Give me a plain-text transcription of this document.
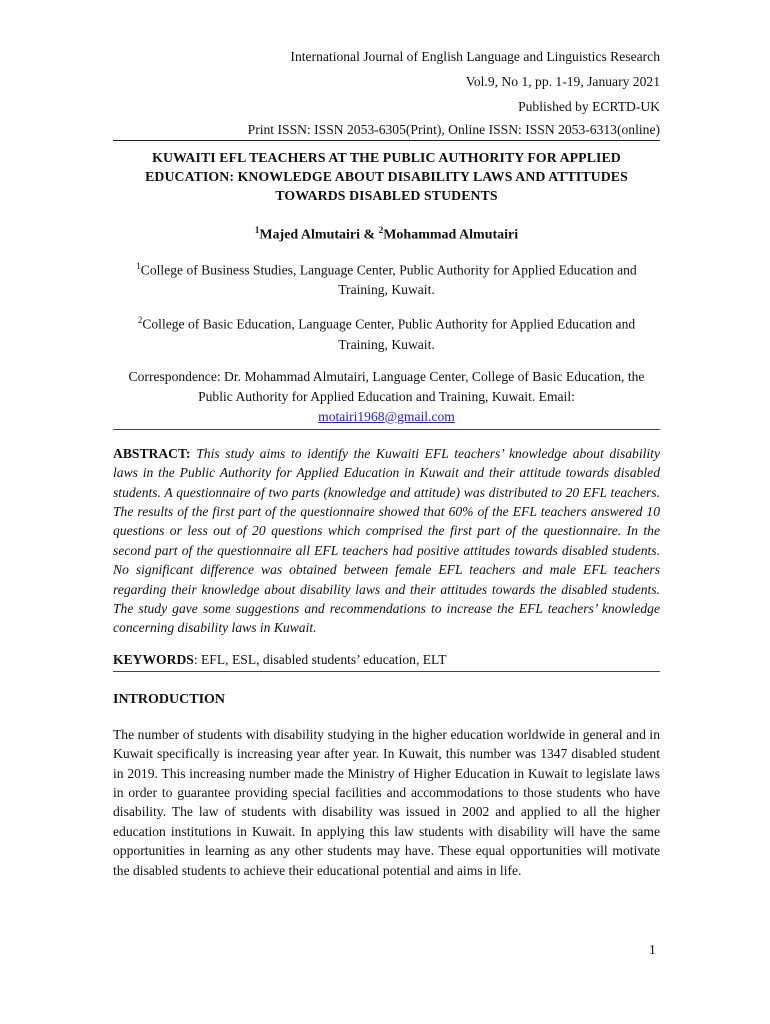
International Journal of English Language and Linguistics Research
Vol.9, No 1, pp. 1-19, January 2021
Published by ECRTD-UK
Print ISSN: ISSN 2053-6305(Print), Online ISSN: ISSN 2053-6313(online)
KUWAITI EFL TEACHERS AT THE PUBLIC AUTHORITY FOR APPLIED EDUCATION: KNOWLEDGE ABOUT DISABILITY LAWS AND ATTITUDES TOWARDS DISABLED STUDENTS
$^1$Majed Almutairi & $^2$Mohammad Almutairi
$^1$College of Business Studies, Language Center, Public Authority for Applied Education and Training, Kuwait.
$^2$College of Basic Education, Language Center, Public Authority for Applied Education and Training, Kuwait.
Correspondence: Dr. Mohammad Almutairi, Language Center, College of Basic Education, the Public Authority for Applied Education and Training, Kuwait. Email:
motairi1968@gmail.com
ABSTRACT: This study aims to identify the Kuwaiti EFL teachers’ knowledge about disability laws in the Public Authority for Applied Education in Kuwait and their attitude towards disabled students. A questionnaire of two parts (knowledge and attitude) was distributed to 20 EFL teachers. The results of the first part of the questionnaire showed that 60% of the EFL teachers answered 10 questions or less out of 20 questions which comprised the first part of the questionnaire. In the second part of the questionnaire all EFL teachers had positive attitudes towards disabled students. No significant difference was obtained between female EFL teachers and male EFL teachers regarding their knowledge about disability laws and their attitudes towards the disabled students. The study gave some suggestions and recommendations to increase the EFL teachers’ knowledge concerning disability laws in Kuwait.
KEYWORDS: EFL, ESL, disabled students’ education, ELT
INTRODUCTION
The number of students with disability studying in the higher education worldwide in general and in Kuwait specifically is increasing year after year. In Kuwait, this number was 1347 disabled student in 2019. This increasing number made the Ministry of Higher Education in Kuwait to legislate laws in order to guarantee providing special facilities and accommodations to those students who have disability. The law of students with disability was issued in 2002 and applied to all the higher education institutions in Kuwait. In applying this law students with disability will have the same opportunities in learning as any other students may have. These equal opportunities will motivate the disabled students to achieve their educational potential and aims in life.
1
